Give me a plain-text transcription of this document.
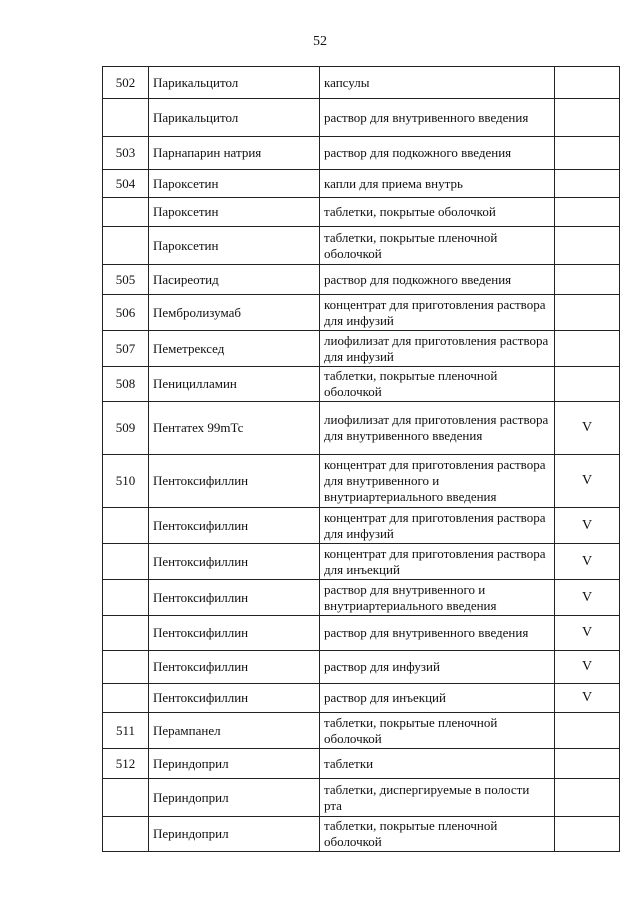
52
502	Парикальцитол	капсулы	
	Парикальцитол	раствор для внутривенного введения	
503	Парнапарин натрия	раствор для подкожного введения	
504	Пароксетин	капли для приема внутрь	
	Пароксетин	таблетки, покрытые оболочкой	
	Пароксетин	таблетки, покрытые пленочной оболочкой	
505	Пасиреотид	раствор для подкожного введения	
506	Пембролизумаб	концентрат для приготовления раствора для инфузий	
507	Пеметрексед	лиофилизат для приготовления раствора для инфузий	
508	Пеницилламин	таблетки, покрытые пленочной оболочкой	
509	Пентатех 99mTc	лиофилизат для приготовления раствора для внутривенного введения	V
510	Пентоксифиллин	концентрат для приготовления раствора для внутривенного и внутриартериального введения	V
	Пентоксифиллин	концентрат для приготовления раствора для инфузий	V
	Пентоксифиллин	концентрат для приготовления раствора для инъекций	V
	Пентоксифиллин	раствор для внутривенного и внутриартериального введения	V
	Пентоксифиллин	раствор для внутривенного введения	V
	Пентоксифиллин	раствор для инфузий	V
	Пентоксифиллин	раствор для инъекций	V
511	Перампанел	таблетки, покрытые пленочной оболочкой	
512	Периндоприл	таблетки	
	Периндоприл	таблетки, диспергируемые в полости рта	
	Периндоприл	таблетки, покрытые пленочной оболочкой	
